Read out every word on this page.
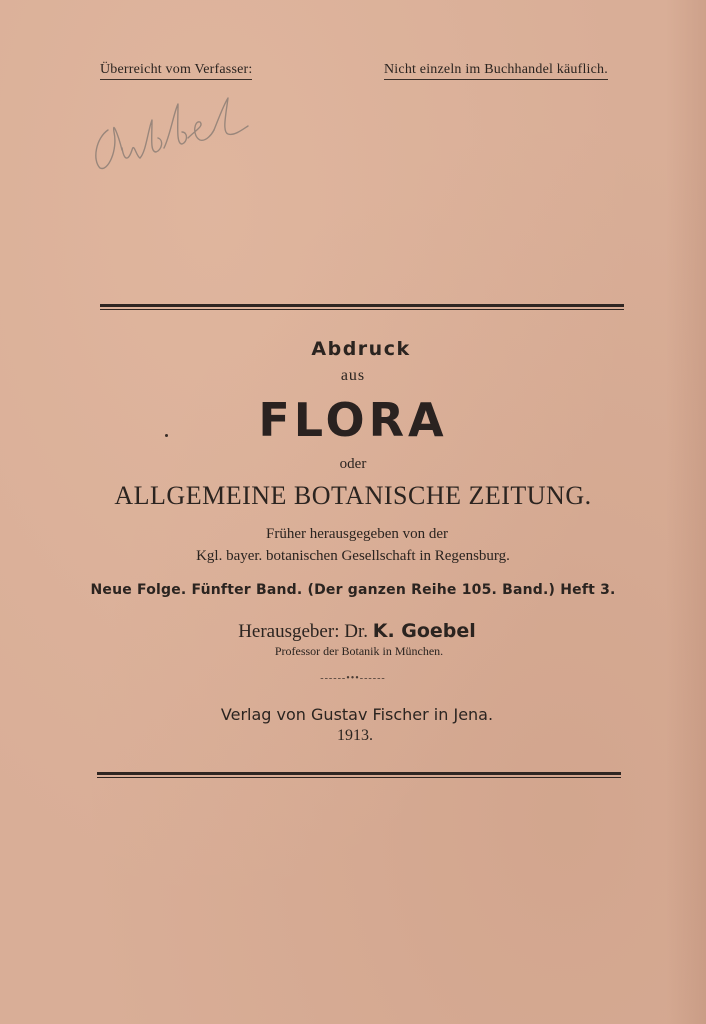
Überreicht vom Verfasser:	Nicht einzeln im Buchhandel käuflich.
Abdruck
aus
FLORA
oder
ALLGEMEINE BOTANISCHE ZEITUNG.
Früher herausgegeben von der
Kgl. bayer. botanischen Gesellschaft in Regensburg.
Neue Folge. Fünfter Band. (Der ganzen Reihe 105. Band.) Heft 3.
Herausgeber: Dr. K. Goebel
Professor der Botanik in München.
------•••------
Verlag von Gustav Fischer in Jena.
1913.
